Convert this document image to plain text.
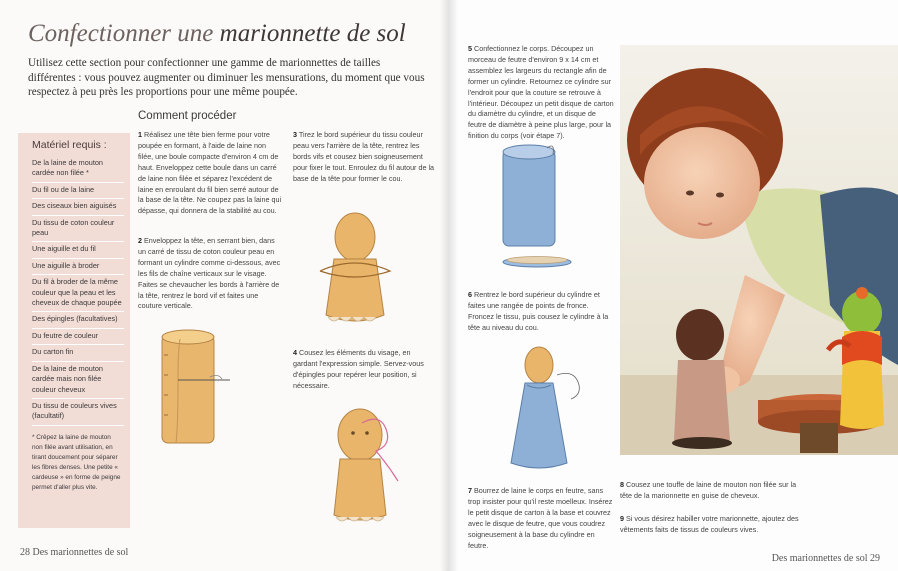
Confectionner une marionnette de sol
Utilisez cette section pour confectionner une gamme de marionnettes de tailles différentes : vous pouvez augmenter ou diminuer les mensurations, du moment que vous respectez à peu près les proportions pour une même poupée.
Comment procéder
Matériel requis :
De la laine de mouton cardée non filée *
Du fil ou de la laine
Des ciseaux bien aiguisés
Du tissu de coton couleur peau
Une aiguille et du fil
Une aiguille à broder
Du fil à broder de la même couleur que la peau et les cheveux de chaque poupée
Des épingles (facultatives)
Du feutre de couleur
Du carton fin
De la laine de mouton cardée mais non filée couleur cheveux
Du tissu de couleurs vives (facultatif)
* Crêpez la laine de mouton non filée avant utilisation, en tirant doucement pour séparer les fibres denses. Une petite « cardeuse » en forme de peigne permet d'aller plus vite.
1 Réalisez une tête bien ferme pour votre poupée en formant, à l'aide de laine non filée, une boule compacte d'environ 4 cm de haut. Enveloppez cette boule dans un carré de laine non filée et séparez l'excédent de laine en enroulant du fil bien serré autour de la base de la tête. Ne coupez pas la laine qui dépasse, qui donnera de la stabilité au cou.
2 Enveloppez la tête, en serrant bien, dans un carré de tissu de coton couleur peau en formant un cylindre comme ci-dessous, avec les fils de chaîne verticaux sur le visage. Faites se chevaucher les bords à l'arrière de la tête, rentrez le bord vif et faites une couture verticale.
3 Tirez le bord supérieur du tissu couleur peau vers l'arrière de la tête, rentrez les bords vifs et cousez bien soigneusement pour fixer le tout. Enroulez du fil autour de la base de la tête pour former le cou.
4 Cousez les éléments du visage, en gardant l'expression simple. Servez-vous d'épingles pour repérer leur position, si nécessaire.
28 Des marionnettes de sol
5 Confectionnez le corps. Découpez un morceau de feutre d'environ 9 x 14 cm et assemblez les largeurs du rectangle afin de former un cylindre. Retournez ce cylindre sur l'endroit pour que la couture se retrouve à l'intérieur. Découpez un petit disque de carton du diamètre du cylindre, et un disque de feutre de diamètre à peine plus large, pour la finition du corps (voir étape 7).
6 Rentrez le bord supérieur du cylindre et faites une rangée de points de fronce. Froncez le tissu, puis cousez le cylindre à la tête au niveau du cou.
7 Bourrez de laine le corps en feutre, sans trop insister pour qu'il reste moelleux. Insérez le petit disque de carton à la base et couvrez avec le disque de feutre, que vous coudrez soigneusement à la base du cylindre en feutre.
8 Cousez une touffe de laine de mouton non filée sur la tête de la marionnette en guise de cheveux.
9 Si vous désirez habiller votre marionnette, ajoutez des vêtements faits de tissus de couleurs vives.
Des marionnettes de sol 29
